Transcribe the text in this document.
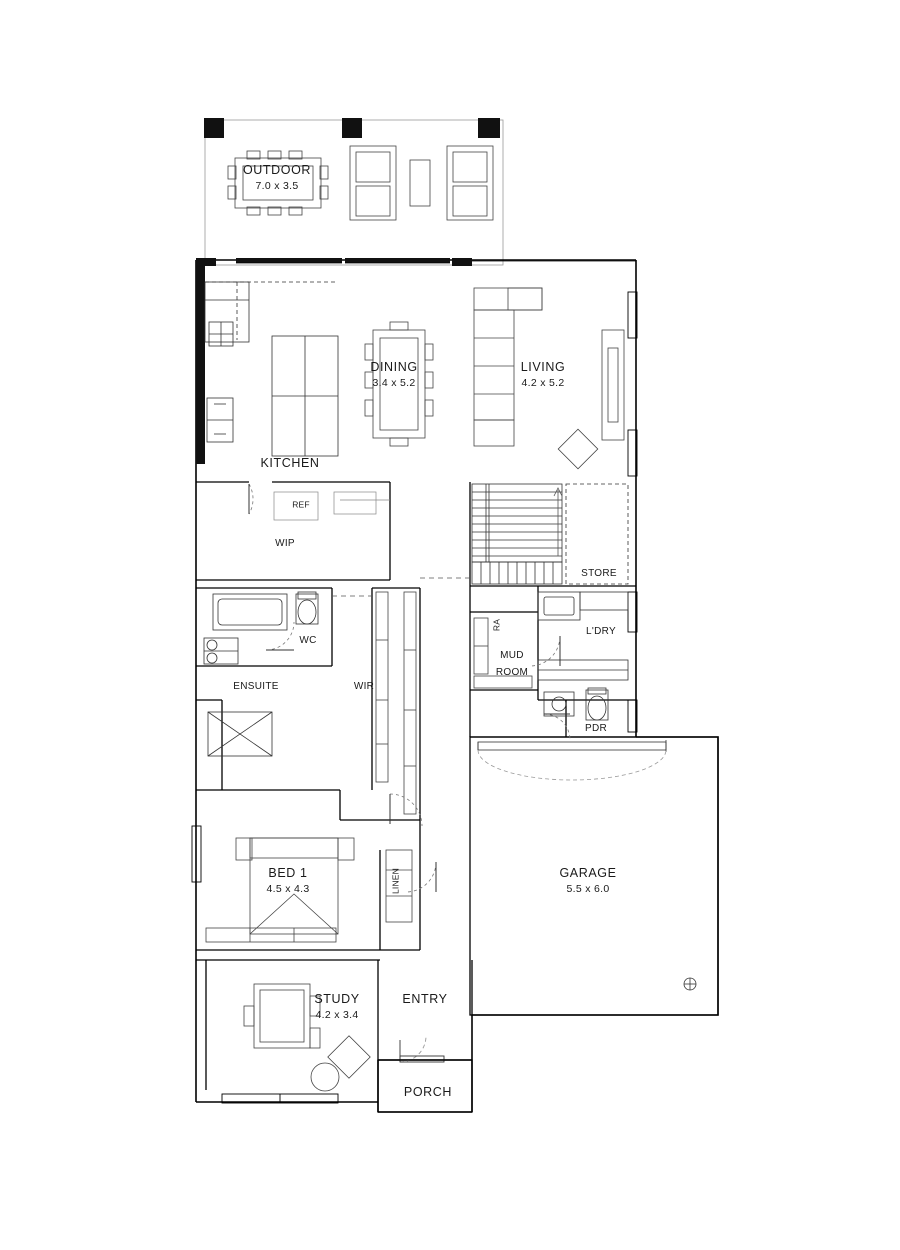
OUTDOOR
7.0 x 3.5
DINING
3.4 x 5.2
LIVING
4.2 x 5.2
KITCHEN
REF
WIP
STORE
WC
L'DRY
RA
ENSUITE	WIR
MUD
ROOM
PDR
BED 1
4.5 x 4.3	LINEN	GARAGE
5.5 x 6.0
STUDY
4.2 x 3.4
ENTRY
PORCH
